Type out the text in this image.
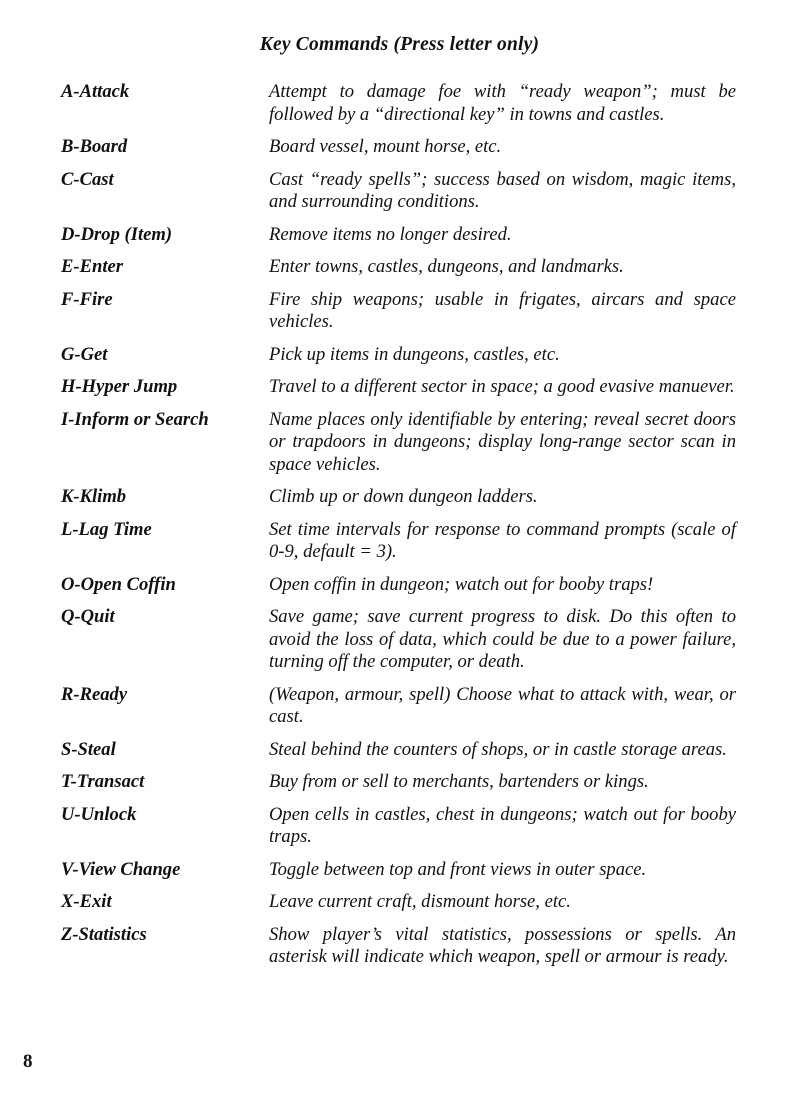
Key Commands (Press letter only)
A-Attack	Attempt to damage foe with “ready weapon”; must be followed by a “directional key” in towns and castles.
B-Board	Board vessel, mount horse, etc.
C-Cast	Cast “ready spells”; success based on wisdom, magic items, and surrounding conditions.
D-Drop (Item)	Remove items no longer desired.
E-Enter	Enter towns, castles, dungeons, and landmarks.
F-Fire	Fire ship weapons; usable in frigates, aircars and space vehicles.
G-Get	Pick up items in dungeons, castles, etc.
H-Hyper Jump	Travel to a different sector in space; a good evasive manuever.
I-Inform or Search	Name places only identifiable by entering; reveal secret doors or trapdoors in dungeons; display long-range sector scan in space vehicles.
K-Klimb	Climb up or down dungeon ladders.
L-Lag Time	Set time intervals for response to command prompts (scale of 0-9, default = 3).
O-Open Coffin	Open coffin in dungeon; watch out for booby traps!
Q-Quit	Save game; save current progress to disk. Do this often to avoid the loss of data, which could be due to a power failure, turning off the computer, or death.
R-Ready	(Weapon, armour, spell) Choose what to attack with, wear, or cast.
S-Steal	Steal behind the counters of shops, or in castle storage areas.
T-Transact	Buy from or sell to merchants, bartenders or kings.
U-Unlock	Open cells in castles, chest in dungeons; watch out for booby traps.
V-View Change	Toggle between top and front views in outer space.
X-Exit	Leave current craft, dismount horse, etc.
Z-Statistics	Show player’s vital statistics, possessions or spells. An asterisk will indicate which weapon, spell or armour is ready.
8
